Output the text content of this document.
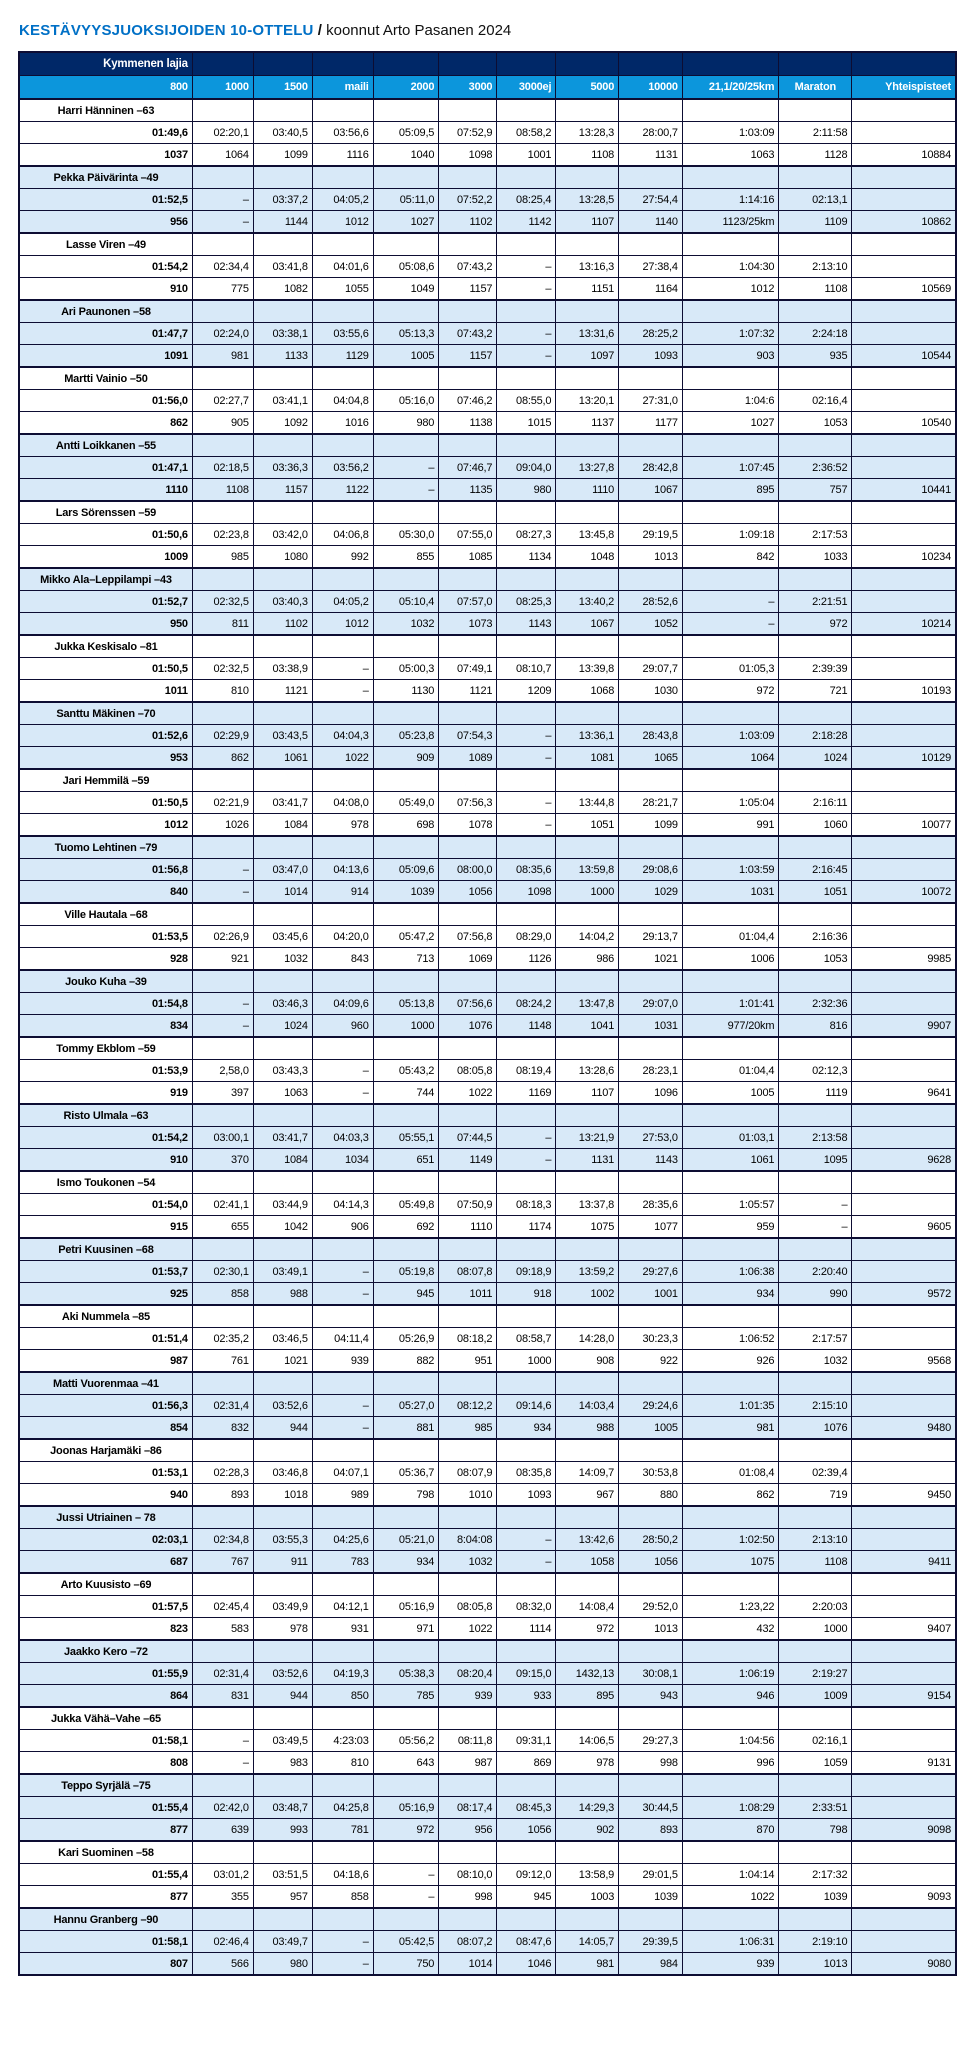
KESTÄVYYSJUOKSIJOIDEN 10-OTTELU / koonnut Arto Pasanen 2024
Kymmenen lajia											
800	1000	1500	maili	2000	3000	3000ej	5000	10000	21,1/20/25km	Maraton	Yhteispisteet
Harri Hänninen –63											
01:49,6	02:20,1	03:40,5	03:56,6	05:09,5	07:52,9	08:58,2	13:28,3	28:00,7	1:03:09	2:11:58	
1037	1064	1099	1116	1040	1098	1001	1108	1131	1063	1128	10884
Pekka Päivärinta –49											
01:52,5	–	03:37,2	04:05,2	05:11,0	07:52,2	08:25,4	13:28,5	27:54,4	1:14:16	02:13,1	
956	–	1144	1012	1027	1102	1142	1107	1140	1123/25km	1109	10862
Lasse Viren –49											
01:54,2	02:34,4	03:41,8	04:01,6	05:08,6	07:43,2	–	13:16,3	27:38,4	1:04:30	2:13:10	
910	775	1082	1055	1049	1157	–	1151	1164	1012	1108	10569
Ari Paunonen –58											
01:47,7	02:24,0	03:38,1	03:55,6	05:13,3	07:43,2	–	13:31,6	28:25,2	1:07:32	2:24:18	
1091	981	1133	1129	1005	1157	–	1097	1093	903	935	10544
Martti Vainio –50											
01:56,0	02:27,7	03:41,1	04:04,8	05:16,0	07:46,2	08:55,0	13:20,1	27:31,0	1:04:6	02:16,4	
862	905	1092	1016	980	1138	1015	1137	1177	1027	1053	10540
Antti Loikkanen –55											
01:47,1	02:18,5	03:36,3	03:56,2	–	07:46,7	09:04,0	13:27,8	28:42,8	1:07:45	2:36:52	
1110	1108	1157	1122	–	1135	980	1110	1067	895	757	10441
Lars Sörenssen –59											
01:50,6	02:23,8	03:42,0	04:06,8	05:30,0	07:55,0	08:27,3	13:45,8	29:19,5	1:09:18	2:17:53	
1009	985	1080	992	855	1085	1134	1048	1013	842	1033	10234
Mikko Ala–Leppilampi –43											
01:52,7	02:32,5	03:40,3	04:05,2	05:10,4	07:57,0	08:25,3	13:40,2	28:52,6	–	2:21:51	
950	811	1102	1012	1032	1073	1143	1067	1052	–	972	10214
Jukka Keskisalo –81											
01:50,5	02:32,5	03:38,9	–	05:00,3	07:49,1	08:10,7	13:39,8	29:07,7	01:05,3	2:39:39	
1011	810	1121	–	1130	1121	1209	1068	1030	972	721	10193
Santtu Mäkinen –70											
01:52,6	02:29,9	03:43,5	04:04,3	05:23,8	07:54,3	–	13:36,1	28:43,8	1:03:09	2:18:28	
953	862	1061	1022	909	1089	–	1081	1065	1064	1024	10129
Jari Hemmilä –59											
01:50,5	02:21,9	03:41,7	04:08,0	05:49,0	07:56,3	–	13:44,8	28:21,7	1:05:04	2:16:11	
1012	1026	1084	978	698	1078	–	1051	1099	991	1060	10077
Tuomo Lehtinen –79											
01:56,8	–	03:47,0	04:13,6	05:09,6	08:00,0	08:35,6	13:59,8	29:08,6	1:03:59	2:16:45	
840	–	1014	914	1039	1056	1098	1000	1029	1031	1051	10072
Ville Hautala –68											
01:53,5	02:26,9	03:45,6	04:20,0	05:47,2	07:56,8	08:29,0	14:04,2	29:13,7	01:04,4	2:16:36	
928	921	1032	843	713	1069	1126	986	1021	1006	1053	9985
Jouko Kuha –39											
01:54,8	–	03:46,3	04:09,6	05:13,8	07:56,6	08:24,2	13:47,8	29:07,0	1:01:41	2:32:36	
834	–	1024	960	1000	1076	1148	1041	1031	977/20km	816	9907
Tommy Ekblom –59											
01:53,9	2,58,0	03:43,3	–	05:43,2	08:05,8	08:19,4	13:28,6	28:23,1	01:04,4	02:12,3	
919	397	1063	–	744	1022	1169	1107	1096	1005	1119	9641
Risto Ulmala –63											
01:54,2	03:00,1	03:41,7	04:03,3	05:55,1	07:44,5	–	13:21,9	27:53,0	01:03,1	2:13:58	
910	370	1084	1034	651	1149	–	1131	1143	1061	1095	9628
Ismo Toukonen –54											
01:54,0	02:41,1	03:44,9	04:14,3	05:49,8	07:50,9	08:18,3	13:37,8	28:35,6	1:05:57	–	
915	655	1042	906	692	1110	1174	1075	1077	959	–	9605
Petri Kuusinen –68											
01:53,7	02:30,1	03:49,1	–	05:19,8	08:07,8	09:18,9	13:59,2	29:27,6	1:06:38	2:20:40	
925	858	988	–	945	1011	918	1002	1001	934	990	9572
Aki Nummela –85											
01:51,4	02:35,2	03:46,5	04:11,4	05:26,9	08:18,2	08:58,7	14:28,0	30:23,3	1:06:52	2:17:57	
987	761	1021	939	882	951	1000	908	922	926	1032	9568
Matti Vuorenmaa –41											
01:56,3	02:31,4	03:52,6	–	05:27,0	08:12,2	09:14,6	14:03,4	29:24,6	1:01:35	2:15:10	
854	832	944	–	881	985	934	988	1005	981	1076	9480
Joonas Harjamäki –86											
01:53,1	02:28,3	03:46,8	04:07,1	05:36,7	08:07,9	08:35,8	14:09,7	30:53,8	01:08,4	02:39,4	
940	893	1018	989	798	1010	1093	967	880	862	719	9450
Jussi Utriainen – 78											
02:03,1	02:34,8	03:55,3	04:25,6	05:21,0	8:04:08	–	13:42,6	28:50,2	1:02:50	2:13:10	
687	767	911	783	934	1032	–	1058	1056	1075	1108	9411
Arto Kuusisto –69											
01:57,5	02:45,4	03:49,9	04:12,1	05:16,9	08:05,8	08:32,0	14:08,4	29:52,0	1:23,22	2:20:03	
823	583	978	931	971	1022	1114	972	1013	432	1000	9407
Jaakko Kero –72											
01:55,9	02:31,4	03:52,6	04:19,3	05:38,3	08:20,4	09:15,0	1432,13	30:08,1	1:06:19	2:19:27	
864	831	944	850	785	939	933	895	943	946	1009	9154
Jukka Vähä–Vahe –65											
01:58,1	–	03:49,5	4:23:03	05:56,2	08:11,8	09:31,1	14:06,5	29:27,3	1:04:56	02:16,1	
808	–	983	810	643	987	869	978	998	996	1059	9131
Teppo Syrjälä –75											
01:55,4	02:42,0	03:48,7	04:25,8	05:16,9	08:17,4	08:45,3	14:29,3	30:44,5	1:08:29	2:33:51	
877	639	993	781	972	956	1056	902	893	870	798	9098
Kari Suominen –58											
01:55,4	03:01,2	03:51,5	04:18,6	–	08:10,0	09:12,0	13:58,9	29:01,5	1:04:14	2:17:32	
877	355	957	858	–	998	945	1003	1039	1022	1039	9093
Hannu Granberg –90											
01:58,1	02:46,4	03:49,7	–	05:42,5	08:07,2	08:47,6	14:05,7	29:39,5	1:06:31	2:19:10	
807	566	980	–	750	1014	1046	981	984	939	1013	9080
